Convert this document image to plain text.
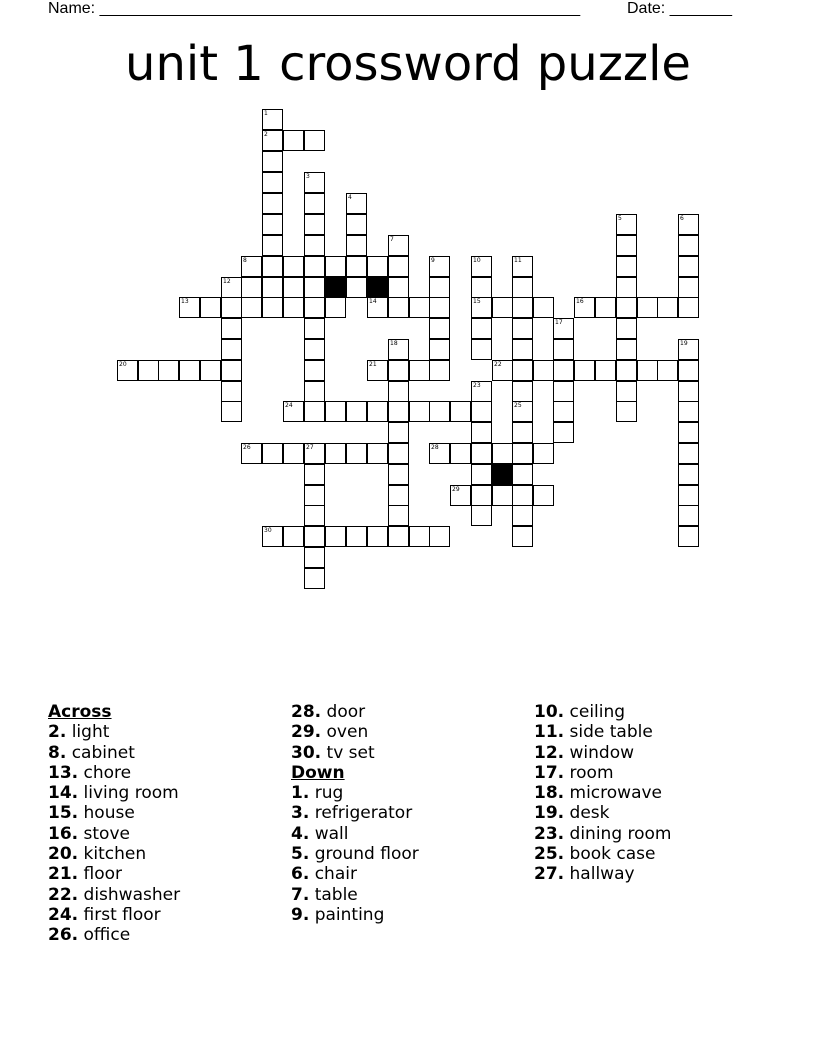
Name: ______________________________________________________	Date: _______
unit 1 crossword puzzle
1
2
3
4
5	6
7
8	9	10	11
12
13	14	15	16
17
18	19
20	21	22
23
24	25
26	27	28
29
30
Across
2. light
8. cabinet
13. chore
14. living room
15. house
16. stove
20. kitchen
21. floor
22. dishwasher
24. first floor
26. office
28. door
29. oven
30. tv set
Down
1. rug
3. refrigerator
4. wall
5. ground floor
6. chair
7. table
9. painting
10. ceiling
11. side table
12. window
17. room
18. microwave
19. desk
23. dining room
25. book case
27. hallway
